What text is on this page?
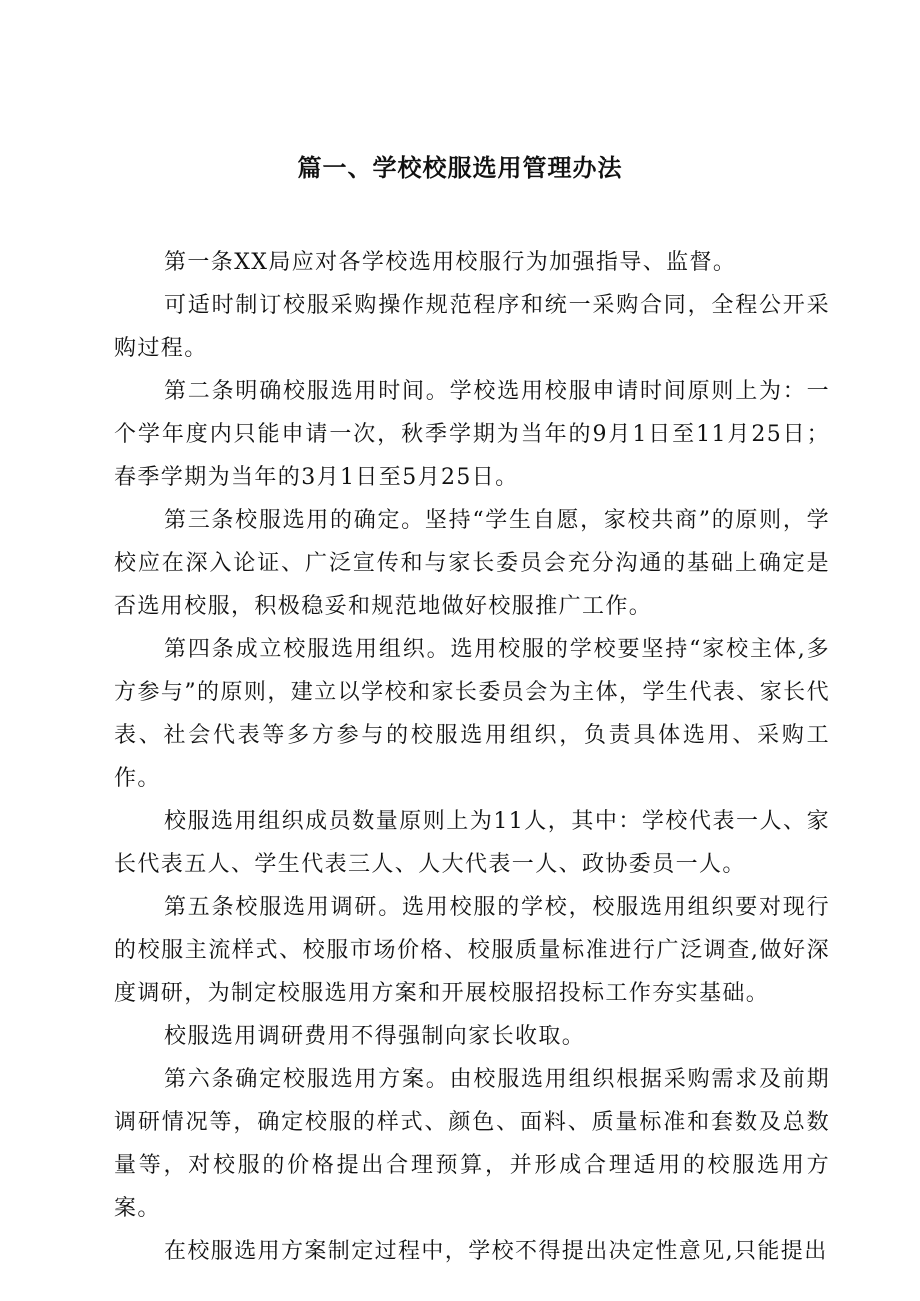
篇一、学校校服选用管理办法

第一条XX局应对各学校选用校服行为加强指导、监督。

可适时制订校服采购操作规范程序和统一采购合同，全程公开采购过程。

第二条明确校服选用时间。学校选用校服申请时间原则上为：一个学年度内只能申请一次，秋季学期为当年的9月1日至11月25日；春季学期为当年的3月1日至5月25日。

第三条校服选用的确定。坚持“学生自愿，家校共商”的原则，学校应在深入论证、广泛宣传和与家长委员会充分沟通的基础上确定是否选用校服，积极稳妥和规范地做好校服推广工作。

第四条成立校服选用组织。选用校服的学校要坚持“家校主体,多方参与”的原则，建立以学校和家长委员会为主体，学生代表、家长代表、社会代表等多方参与的校服选用组织，负责具体选用、采购工作。

校服选用组织成员数量原则上为11人，其中：学校代表一人、家长代表五人、学生代表三人、人大代表一人、政协委员一人。

第五条校服选用调研。选用校服的学校，校服选用组织要对现行的校服主流样式、校服市场价格、校服质量标准进行广泛调查,做好深度调研，为制定校服选用方案和开展校服招投标工作夯实基础。

校服选用调研费用不得强制向家长收取。

第六条确定校服选用方案。由校服选用组织根据采购需求及前期调研情况等，确定校服的样式、颜色、面料、质量标准和套数及总数量等，对校服的价格提出合理预算，并形成合理适用的校服选用方案。

在校服选用方案制定过程中，学校不得提出决定性意见,只能提出
